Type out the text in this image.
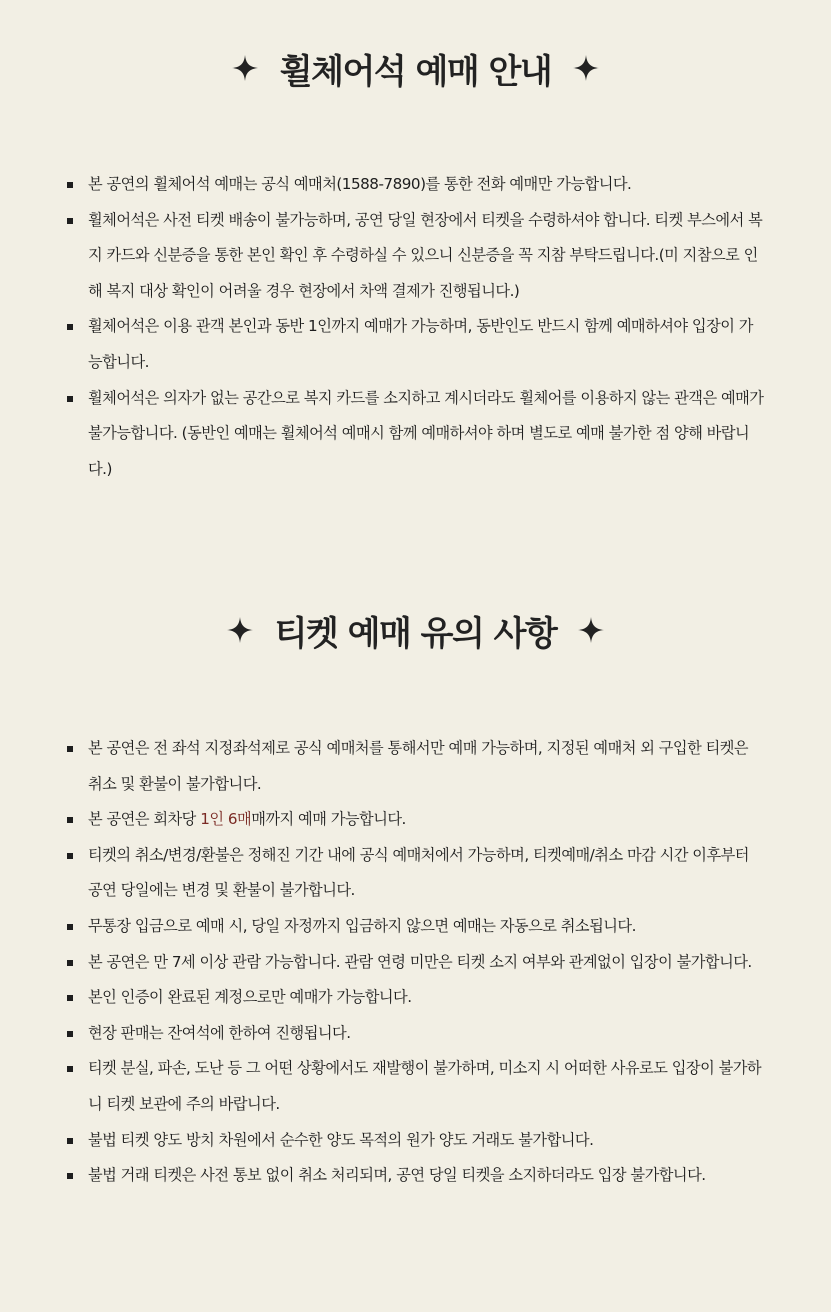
휠체어석 예매 안내
본 공연의 휠체어석 예매는 공식 예매처(1588-7890)를 통한 전화 예매만 가능합니다.
휠체어석은 사전 티켓 배송이 불가능하며, 공연 당일 현장에서 티켓을 수령하셔야 합니다. 티켓 부스에서 복지 카드와 신분증을 통한 본인 확인 후 수령하실 수 있으니 신분증을 꼭 지참 부탁드립니다.(미 지참으로 인해 복지 대상 확인이 어려울 경우 현장에서 차액 결제가 진행됩니다.)
휠체어석은 이용 관객 본인과 동반 1인까지 예매가 가능하며, 동반인도 반드시 함께 예매하셔야 입장이 가능합니다.
휠체어석은 의자가 없는 공간으로 복지 카드를 소지하고 계시더라도 휠체어를 이용하지 않는 관객은 예매가 불가능합니다. (동반인 예매는 휠체어석 예매시 함께 예매하셔야 하며 별도로 예매 불가한 점 양해 바랍니다.)
티켓 예매 유의 사항
본 공연은 전 좌석 지정좌석제로 공식 예매처를 통해서만 예매 가능하며, 지정된 예매처 외 구입한 티켓은 취소 및 환불이 불가합니다.
본 공연은 회차당 1인 6매매까지 예매 가능합니다.
티켓의 취소/변경/환불은 정해진 기간 내에 공식 예매처에서 가능하며, 티켓예매/취소 마감 시간 이후부터 공연 당일에는 변경 및 환불이 불가합니다.
무통장 입금으로 예매 시, 당일 자정까지 입금하지 않으면 예매는 자동으로 취소됩니다.
본 공연은 만 7세 이상 관람 가능합니다. 관람 연령 미만은 티켓 소지 여부와 관계없이 입장이 불가합니다.
본인 인증이 완료된 계정으로만 예매가 가능합니다.
현장 판매는 잔여석에 한하여 진행됩니다.
티켓 분실, 파손, 도난 등 그 어떤 상황에서도 재발행이 불가하며, 미소지 시 어떠한 사유로도 입장이 불가하니 티켓 보관에 주의 바랍니다.
불법 티켓 양도 방치 차원에서 순수한 양도 목적의 원가 양도 거래도 불가합니다.
불법 거래 티켓은 사전 통보 없이 취소 처리되며, 공연 당일 티켓을 소지하더라도 입장 불가합니다.
